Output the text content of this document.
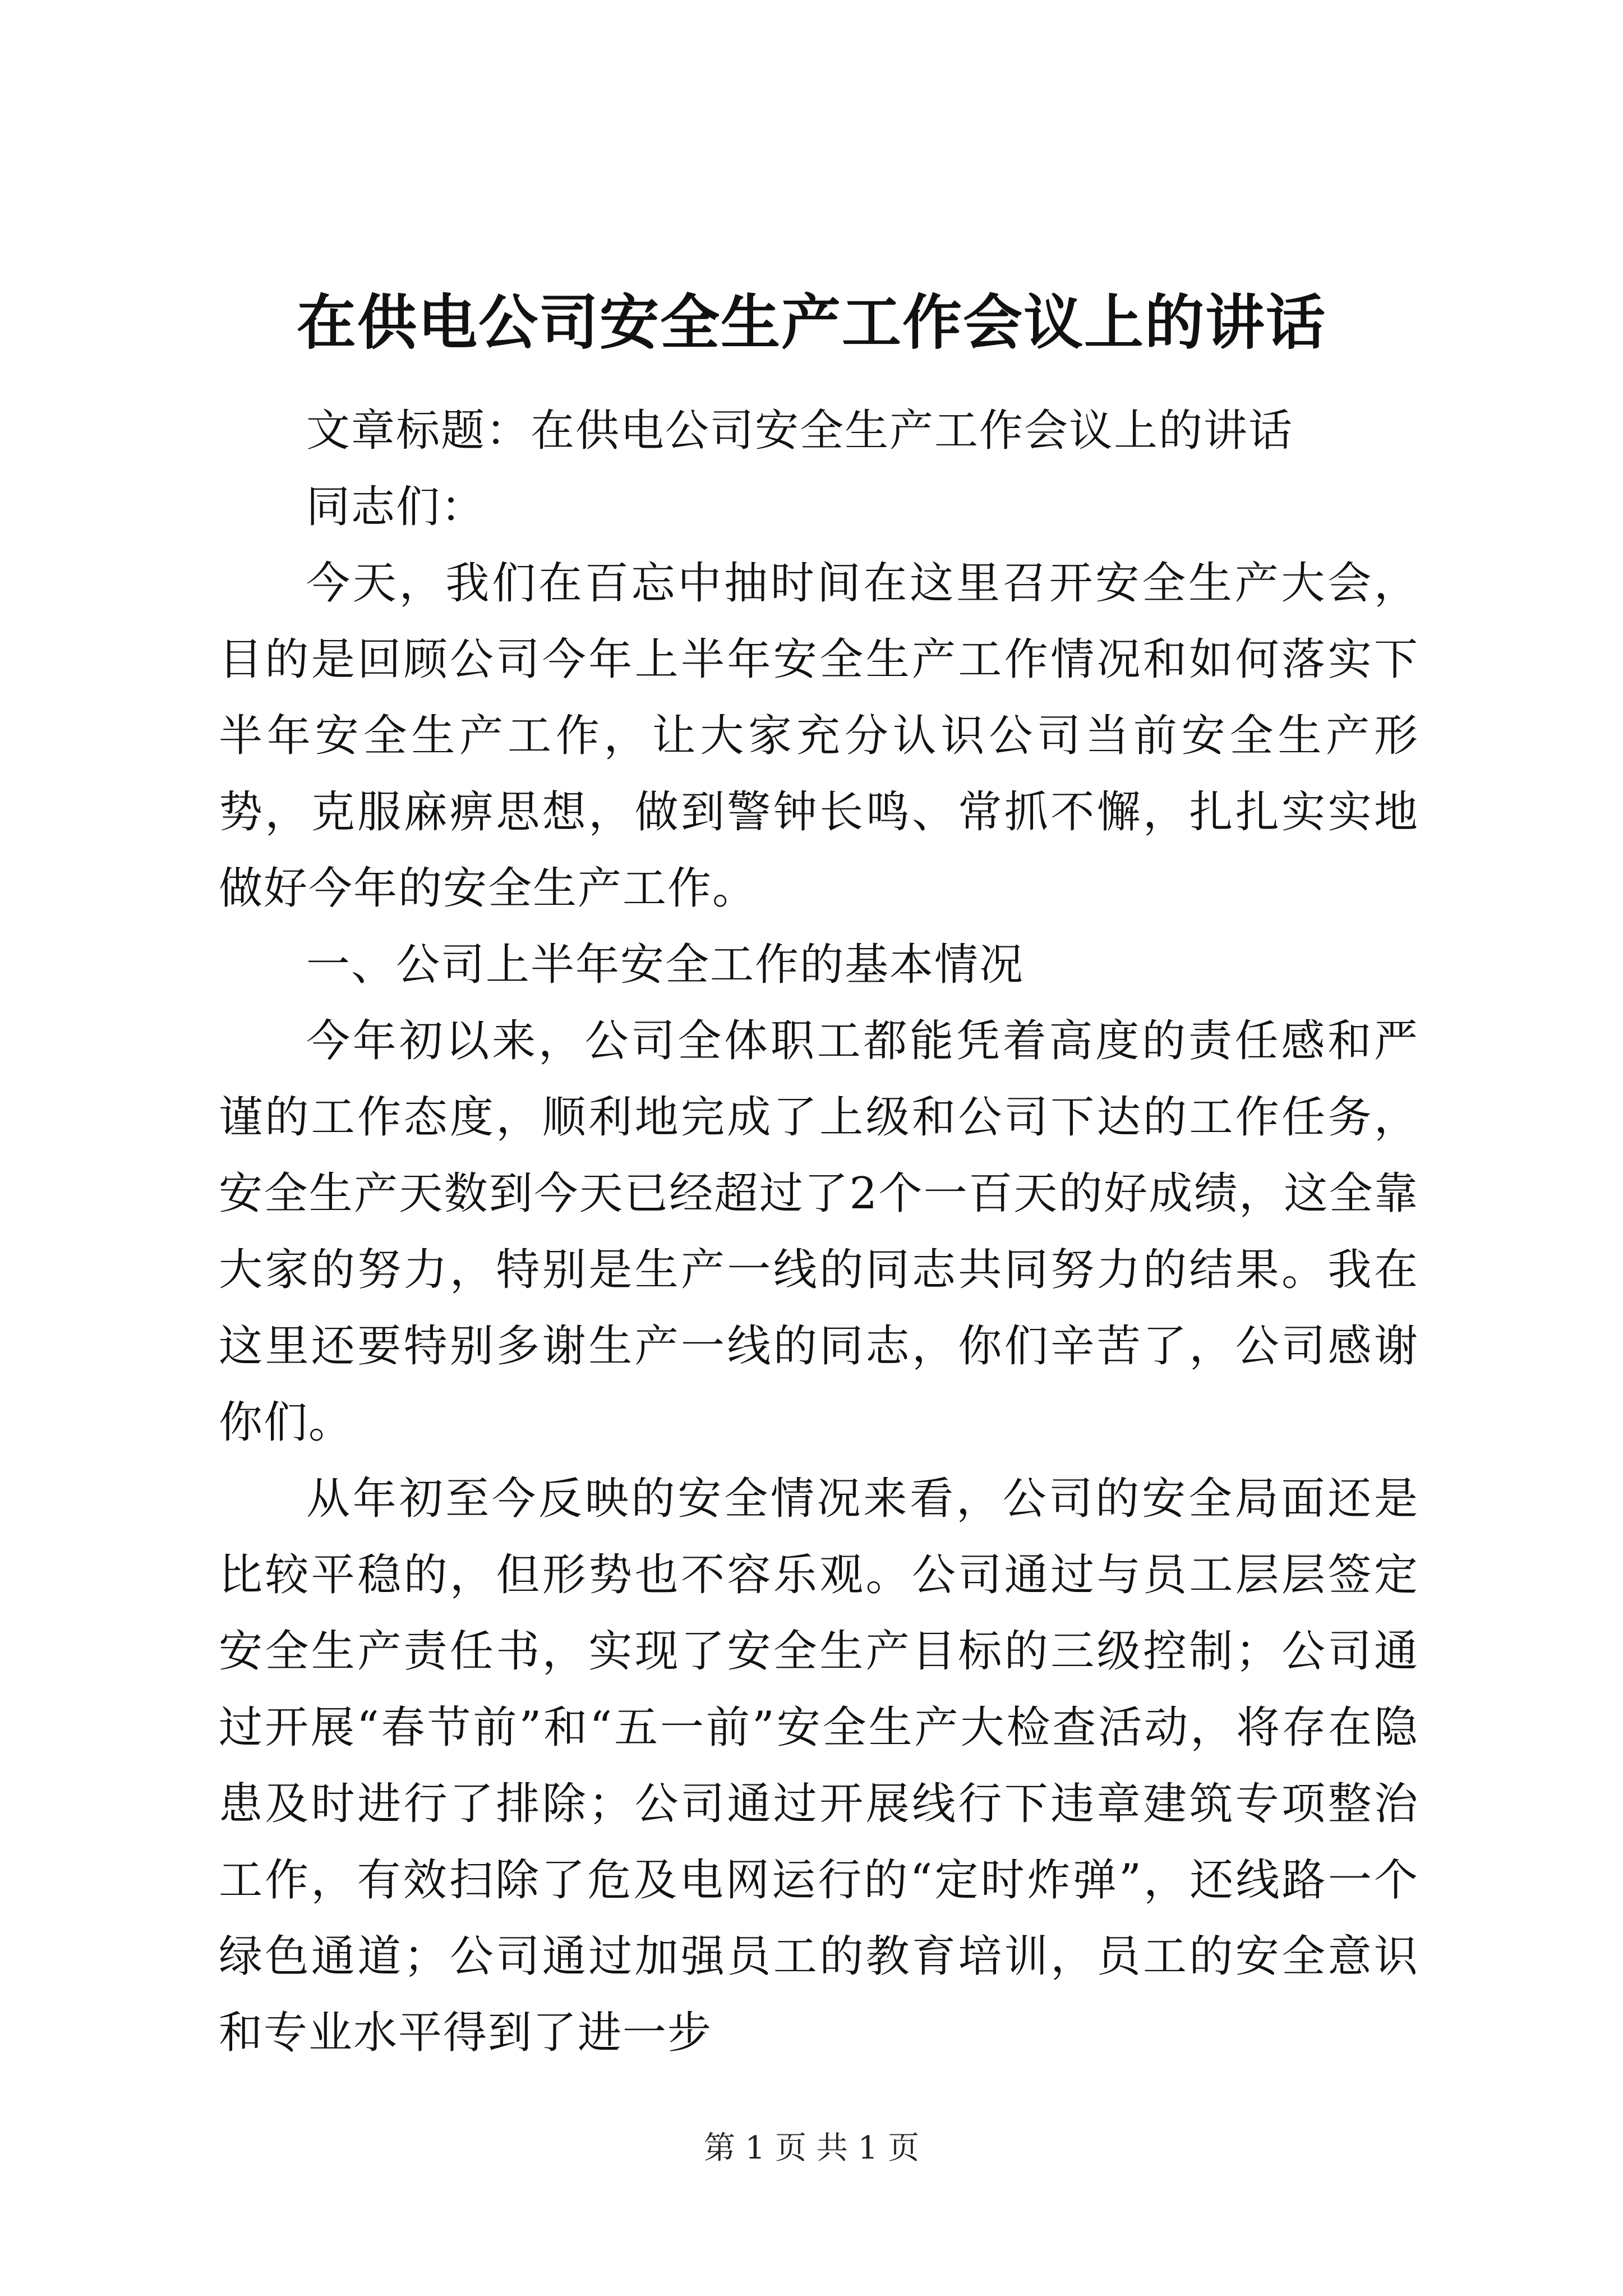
在供电公司安全生产工作会议上的讲话

文章标题：在供电公司安全生产工作会议上的讲话

同志们：

今天，我们在百忘中抽时间在这里召开安全生产大会，目的是回顾公司今年上半年安全生产工作情况和如何落实下半年安全生产工作，让大家充分认识公司当前安全生产形势，克服麻痹思想，做到警钟长鸣、常抓不懈，扎扎实实地做好今年的安全生产工作。

一、公司上半年安全工作的基本情况

今年初以来，公司全体职工都能凭着高度的责任感和严谨的工作态度，顺利地完成了上级和公司下达的工作任务，安全生产天数到今天已经超过了2个一百天的好成绩，这全靠大家的努力，特别是生产一线的同志共同努力的结果。我在这里还要特别多谢生产一线的同志，你们辛苦了，公司感谢你们。

从年初至今反映的安全情况来看，公司的安全局面还是比较平稳的，但形势也不容乐观。公司通过与员工层层签定安全生产责任书，实现了安全生产目标的三级控制；公司通过开展“春节前”和“五一前”安全生产大检查活动，将存在隐患及时进行了排除；公司通过开展线行下违章建筑专项整治工作，有效扫除了危及电网运行的“定时炸弹”，还线路一个绿色通道；公司通过加强员工的教育培训，员工的安全意识和专业水平得到了进一步

第 1 页 共 1 页
